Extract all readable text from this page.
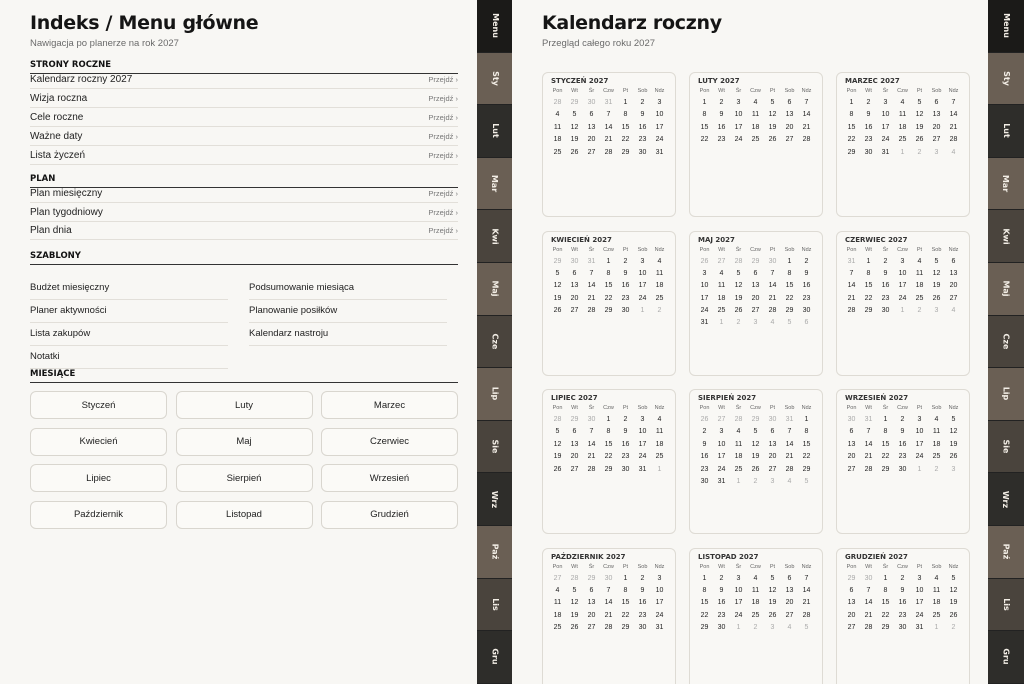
Indeks / Menu główne
Nawigacja po planerze na rok 2027
STRONY ROCZNE
Kalendarz roczny 2027	Przejdź ›
Wizja roczna	Przejdź ›
Cele roczne	Przejdź ›
Ważne daty	Przejdź ›
Lista życzeń	Przejdź ›
PLAN
Plan miesięczny	Przejdź ›
Plan tygodniowy	Przejdź ›
Plan dnia	Przejdź ›
SZABLONY
Budżet miesięczny	Podsumowanie miesiąca
Planer aktywności	Planowanie posiłków
Lista zakupów	Kalendarz nastroju
Notatki
MIESIĄCE
Styczeń	Luty	Marzec
Kwiecień	Maj	Czerwiec
Lipiec	Sierpień	Wrzesień
Październik	Listopad	Grudzień
Menu
Sty
Lut
Mar
Kwi
Maj
Cze
Lip
Sie
Wrz
Paź
Lis
Gru
Kalendarz roczny
Przegląd całego roku 2027
STYCZEŃ 2027
Pon	Wt	Śr	Czw	Pt	Sob	Ndz
28	29	30	31	1	2	3
4	5	6	7	8	9	10
11	12	13	14	15	16	17
18	19	20	21	22	23	24
25	26	27	28	29	30	31
LUTY 2027
Pon	Wt	Śr	Czw	Pt	Sob	Ndz
1	2	3	4	5	6	7
8	9	10	11	12	13	14
15	16	17	18	19	20	21
22	23	24	25	26	27	28
MARZEC 2027
Pon	Wt	Śr	Czw	Pt	Sob	Ndz
1	2	3	4	5	6	7
8	9	10	11	12	13	14
15	16	17	18	19	20	21
22	23	24	25	26	27	28
29	30	31	1	2	3	4
KWIECIEŃ 2027
Pon	Wt	Śr	Czw	Pt	Sob	Ndz
29	30	31	1	2	3	4
5	6	7	8	9	10	11
12	13	14	15	16	17	18
19	20	21	22	23	24	25
26	27	28	29	30	1	2
MAJ 2027
Pon	Wt	Śr	Czw	Pt	Sob	Ndz
26	27	28	29	30	1	2
3	4	5	6	7	8	9
10	11	12	13	14	15	16
17	18	19	20	21	22	23
24	25	26	27	28	29	30
31	1	2	3	4	5	6
CZERWIEC 2027
Pon	Wt	Śr	Czw	Pt	Sob	Ndz
31	1	2	3	4	5	6
7	8	9	10	11	12	13
14	15	16	17	18	19	20
21	22	23	24	25	26	27
28	29	30	1	2	3	4
LIPIEC 2027
Pon	Wt	Śr	Czw	Pt	Sob	Ndz
28	29	30	1	2	3	4
5	6	7	8	9	10	11
12	13	14	15	16	17	18
19	20	21	22	23	24	25
26	27	28	29	30	31	1
SIERPIEŃ 2027
Pon	Wt	Śr	Czw	Pt	Sob	Ndz
26	27	28	29	30	31	1
2	3	4	5	6	7	8
9	10	11	12	13	14	15
16	17	18	19	20	21	22
23	24	25	26	27	28	29
30	31	1	2	3	4	5
WRZESIEŃ 2027
Pon	Wt	Śr	Czw	Pt	Sob	Ndz
30	31	1	2	3	4	5
6	7	8	9	10	11	12
13	14	15	16	17	18	19
20	21	22	23	24	25	26
27	28	29	30	1	2	3
PAŹDZIERNIK 2027
Pon	Wt	Śr	Czw	Pt	Sob	Ndz
27	28	29	30	1	2	3
4	5	6	7	8	9	10
11	12	13	14	15	16	17
18	19	20	21	22	23	24
25	26	27	28	29	30	31
LISTOPAD 2027
Pon	Wt	Śr	Czw	Pt	Sob	Ndz
1	2	3	4	5	6	7
8	9	10	11	12	13	14
15	16	17	18	19	20	21
22	23	24	25	26	27	28
29	30	1	2	3	4	5
GRUDZIEŃ 2027
Pon	Wt	Śr	Czw	Pt	Sob	Ndz
29	30	1	2	3	4	5
6	7	8	9	10	11	12
13	14	15	16	17	18	19
20	21	22	23	24	25	26
27	28	29	30	31	1	2
Menu
Sty
Lut
Mar
Kwi
Maj
Cze
Lip
Sie
Wrz
Paź
Lis
Gru
